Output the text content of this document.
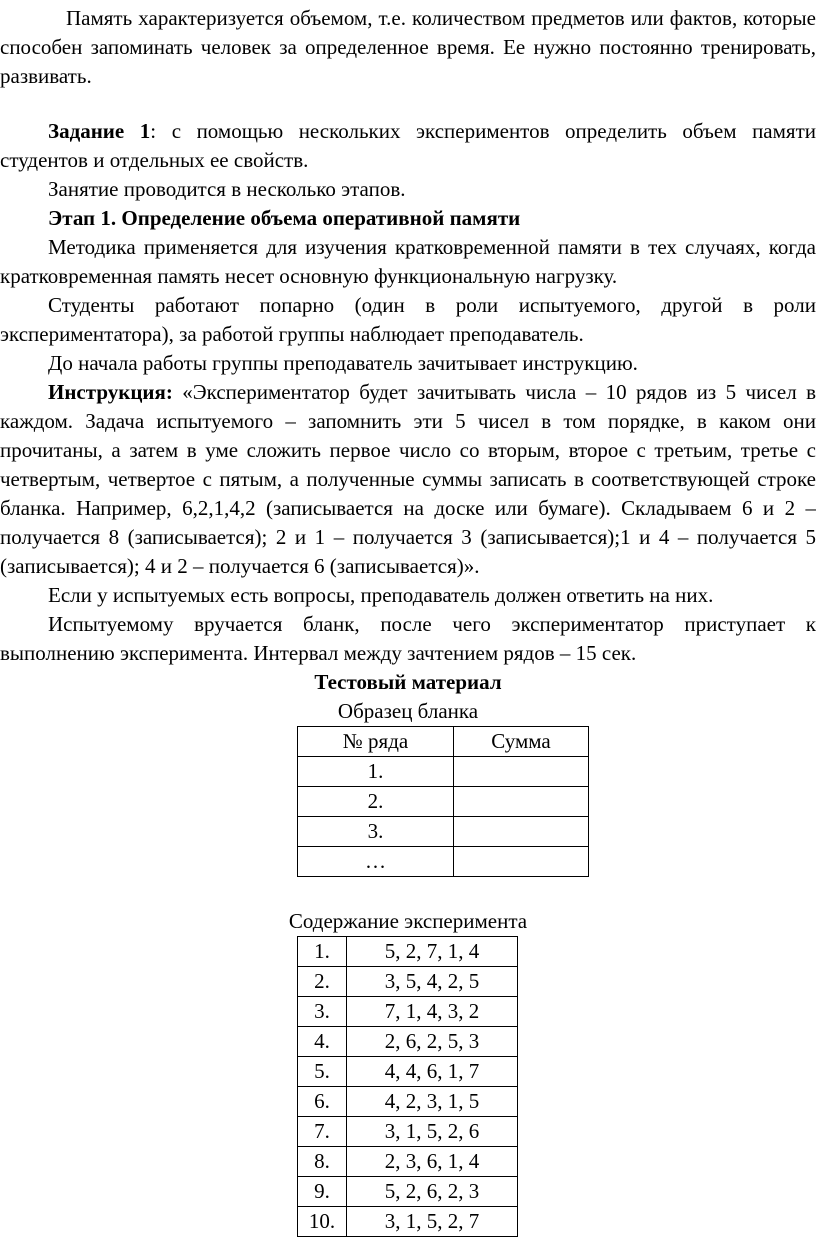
Память характеризуется объемом, т.е. количеством предметов или фактов, которые способен запоминать человек за определенное время. Ее нужно постоянно тренировать, развивать.

Задание 1: с помощью нескольких экспериментов определить объем памяти студентов и отдельных ее свойств.

Занятие проводится в несколько этапов.

Этап 1. Определение объема оперативной памяти

Методика применяется для изучения кратковременной памяти в тех случаях, когда кратковременная память несет основную функциональную нагрузку.

Студенты работают попарно (один в роли испытуемого, другой в роли экспериментатора), за работой группы наблюдает преподаватель.

До начала работы группы преподаватель зачитывает инструкцию.

Инструкция: «Экспериментатор будет зачитывать числа – 10 рядов из 5 чисел в каждом. Задача испытуемого – запомнить эти 5 чисел в том порядке, в каком они прочитаны, а затем в уме сложить первое число со вторым, второе с третьим, третье с четвертым, четвертое с пятым, а полученные суммы записать в соответствующей строке бланка. Например, 6,2,1,4,2 (записывается на доске или бумаге). Складываем 6 и 2 – получается 8 (записывается); 2 и 1 – получается 3 (записывается);1 и 4 – получается 5 (записывается); 4 и 2 – получается 6 (записывается)».

Если у испытуемых есть вопросы, преподаватель должен ответить на них.

Испытуемому вручается бланк, после чего экспериментатор приступает к выполнению эксперимента. Интервал между зачтением рядов – 15 сек.

Тестовый материал

Образец бланка

№ ряда	Сумма
1.	
2.	
3.	
…	

Содержание эксперимента

1.	5, 2, 7, 1, 4
2.	3, 5, 4, 2, 5
3.	7, 1, 4, 3, 2
4.	2, 6, 2, 5, 3
5.	4, 4, 6, 1, 7
6.	4, 2, 3, 1, 5
7.	3, 1, 5, 2, 6
8.	2, 3, 6, 1, 4
9.	5, 2, 6, 2, 3
10.	3, 1, 5, 2, 7
